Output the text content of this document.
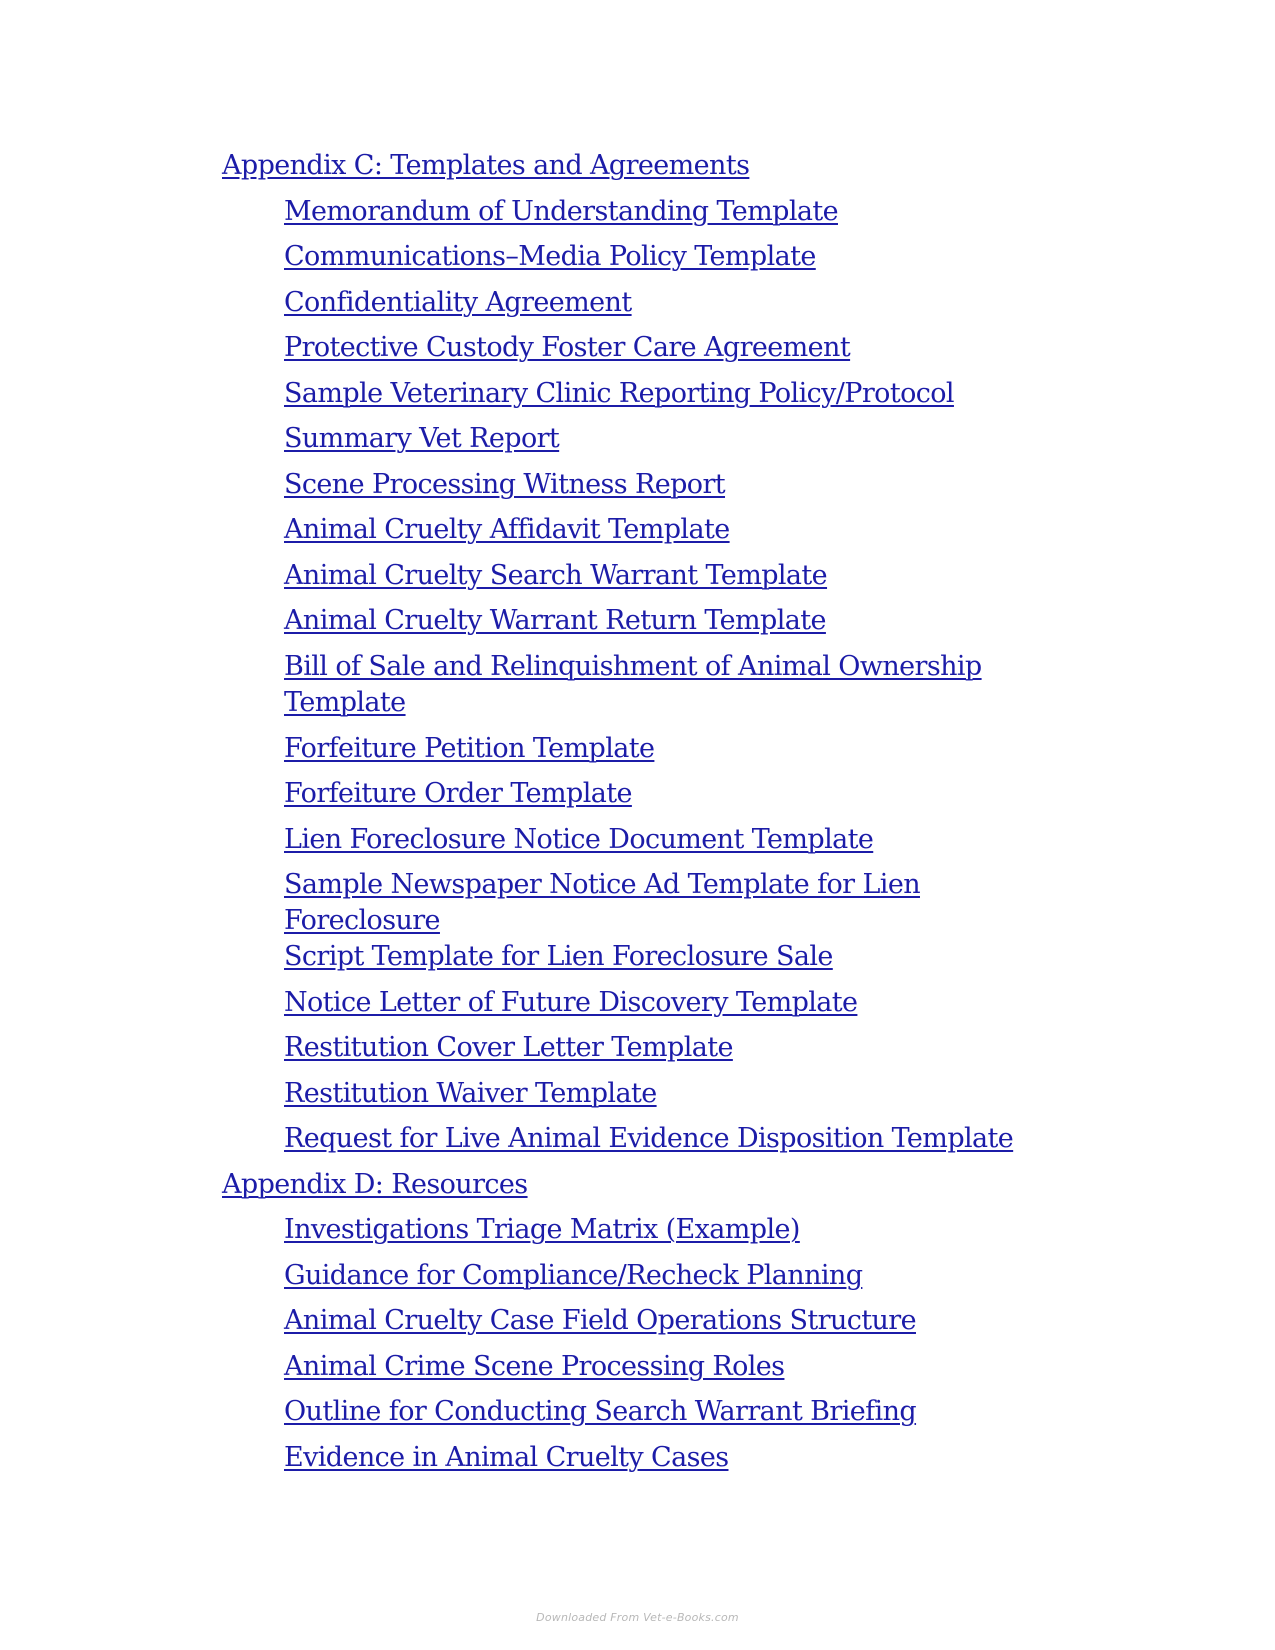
Appendix C: Templates and Agreements
Memorandum of Understanding Template
Communications–Media Policy Template
Confidentiality Agreement
Protective Custody Foster Care Agreement
Sample Veterinary Clinic Reporting Policy/Protocol
Summary Vet Report
Scene Processing Witness Report
Animal Cruelty Affidavit Template
Animal Cruelty Search Warrant Template
Animal Cruelty Warrant Return Template
Bill of Sale and Relinquishment of Animal Ownership Template
Forfeiture Petition Template
Forfeiture Order Template
Lien Foreclosure Notice Document Template
Sample Newspaper Notice Ad Template for Lien Foreclosure
Script Template for Lien Foreclosure Sale
Notice Letter of Future Discovery Template
Restitution Cover Letter Template
Restitution Waiver Template
Request for Live Animal Evidence Disposition Template
Appendix D: Resources
Investigations Triage Matrix (Example)
Guidance for Compliance/Recheck Planning
Animal Cruelty Case Field Operations Structure
Animal Crime Scene Processing Roles
Outline for Conducting Search Warrant Briefing
Evidence in Animal Cruelty Cases
Downloaded From Vet-e-Books.com
